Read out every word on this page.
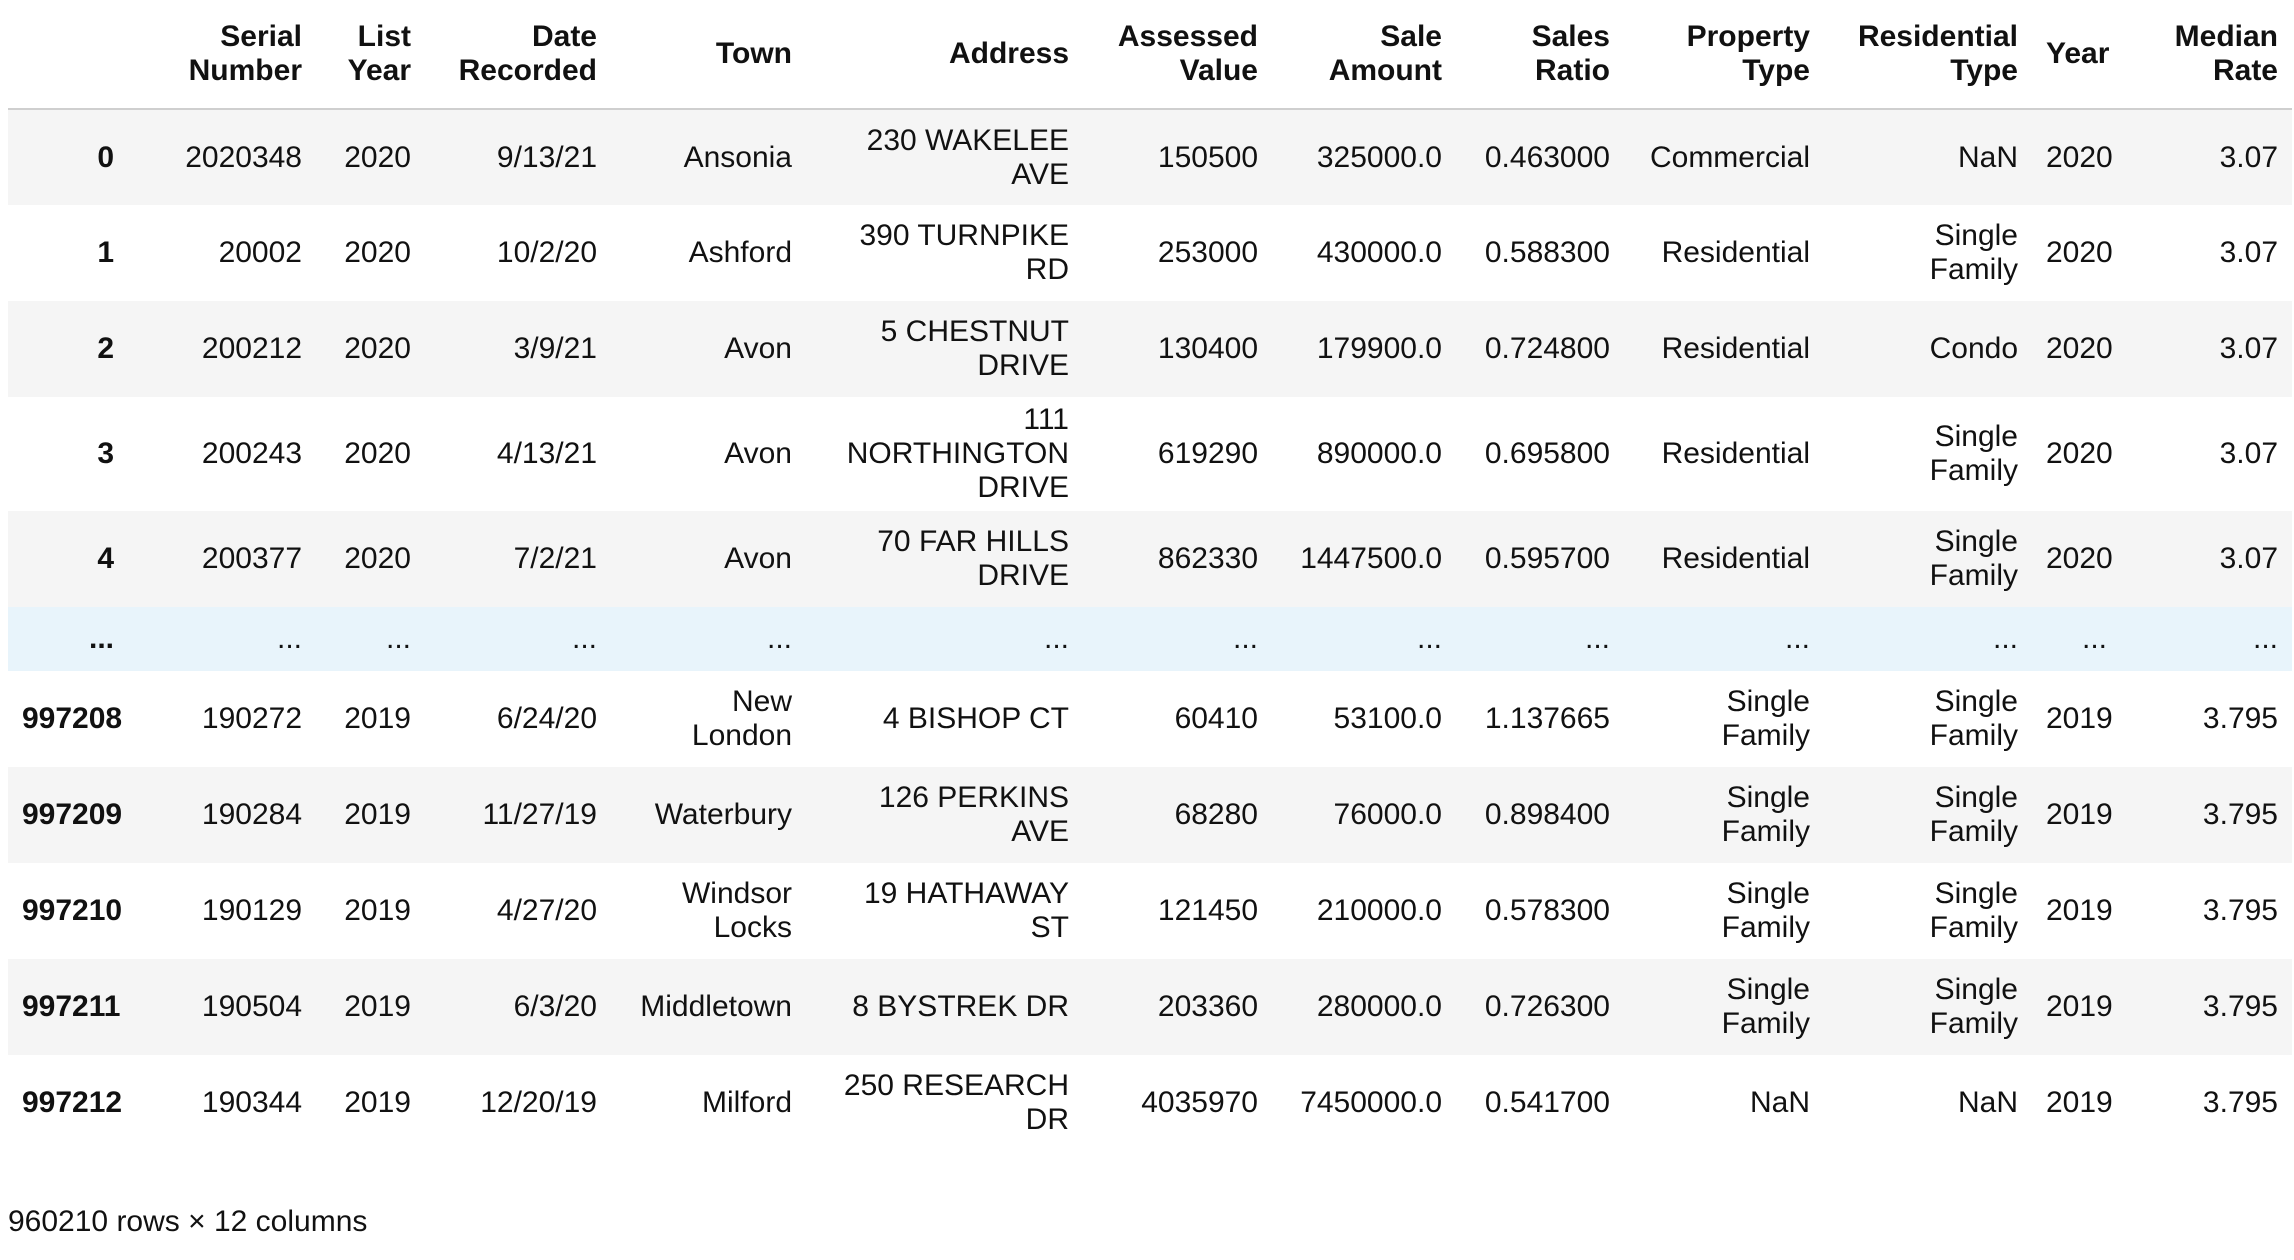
	Serial Number	List Year	Date Recorded	Town	Address	Assessed Value	Sale Amount	Sales Ratio	Property Type	Residential Type	Year	Median Rate
0	2020348	2020	9/13/21	Ansonia	230 WAKELEE AVE	150500	325000.0	0.463000	Commercial	NaN	2020	3.07
1	20002	2020	10/2/20	Ashford	390 TURNPIKE RD	253000	430000.0	0.588300	Residential	Single Family	2020	3.07
2	200212	2020	3/9/21	Avon	5 CHESTNUT DRIVE	130400	179900.0	0.724800	Residential	Condo	2020	3.07
3	200243	2020	4/13/21	Avon	111 NORTHINGTON DRIVE	619290	890000.0	0.695800	Residential	Single Family	2020	3.07
4	200377	2020	7/2/21	Avon	70 FAR HILLS DRIVE	862330	1447500.0	0.595700	Residential	Single Family	2020	3.07
...	...	...	...	...	...	...	...	...	...	...	...	...
997208	190272	2019	6/24/20	New London	4 BISHOP CT	60410	53100.0	1.137665	Single Family	Single Family	2019	3.795
997209	190284	2019	11/27/19	Waterbury	126 PERKINS AVE	68280	76000.0	0.898400	Single Family	Single Family	2019	3.795
997210	190129	2019	4/27/20	Windsor Locks	19 HATHAWAY ST	121450	210000.0	0.578300	Single Family	Single Family	2019	3.795
997211	190504	2019	6/3/20	Middletown	8 BYSTREK DR	203360	280000.0	0.726300	Single Family	Single Family	2019	3.795
997212	190344	2019	12/20/19	Milford	250 RESEARCH DR	4035970	7450000.0	0.541700	NaN	NaN	2019	3.795
960210 rows × 12 columns
